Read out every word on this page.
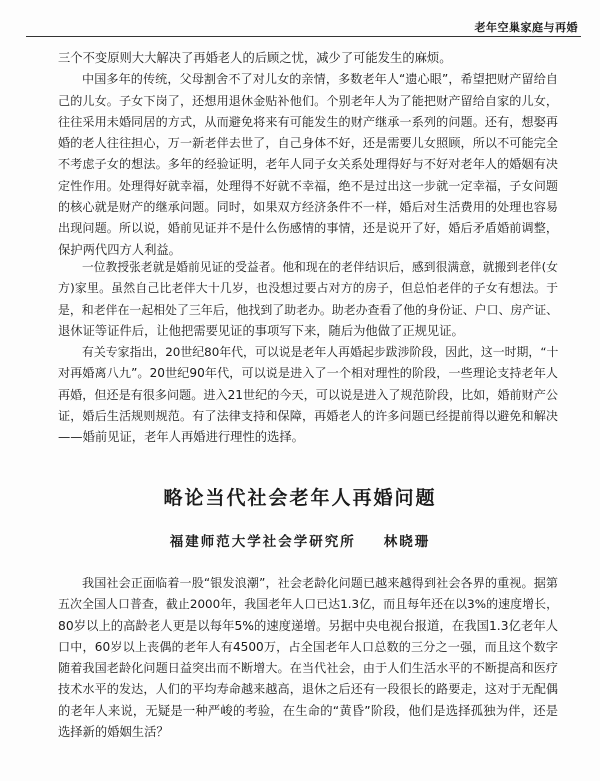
老年空巢家庭与再婚
三个不变原则大大解决了再婚老人的后顾之忧，减少了可能发生的麻烦。
中国多年的传统，父母割舍不了对儿女的亲情，多数老年人“遗心眼”，希望把财产留给自
己的儿女。子女下岗了，还想用退休金贴补他们。个别老年人为了能把财产留给自家的儿女，
往往采用未婚同居的方式，从而避免将来有可能发生的财产继承一系列的问题。还有，想娶再
婚的老人往往担心，万一新老伴去世了，自己身体不好，还是需要儿女照顾，所以不可能完全
不考虑子女的想法。多年的经验证明，老年人同子女关系处理得好与不好对老年人的婚姻有决
定性作用。处理得好就幸福，处理得不好就不幸福，绝不是过出这一步就一定幸福，子女问题
的核心就是财产的继承问题。同时，如果双方经济条件不一样，婚后对生活费用的处理也容易
出现问题。所以说，婚前见证并不是什么伤感情的事情，还是说开了好，婚后矛盾婚前调整，
保护两代四方人利益。
一位教授张老就是婚前见证的受益者。他和现在的老伴结识后，感到很满意，就搬到老伴(女
方)家里。虽然自己比老伴大十几岁，也没想过要占对方的房子，但总怕老伴的子女有想法。于
是，和老伴在一起相处了三年后，他找到了助老办。助老办查看了他的身份证、户口、房产证、
退休证等证件后，让他把需要见证的事项写下来，随后为他做了正规见证。
有关专家指出，20世纪80年代，可以说是老年人再婚起步跋涉阶段，因此，这一时期，“十
对再婚离八九”。20世纪90年代，可以说是进入了一个相对理性的阶段，一些理论支持老年人
再婚，但还是有很多问题。进入21世纪的今天，可以说是进入了规范阶段，比如，婚前财产公
证，婚后生活规则规范。有了法律支持和保障，再婚老人的许多问题已经提前得以避免和解决
——婚前见证，老年人再婚进行理性的选择。
略论当代社会老年人再婚问题
福建师范大学社会学研究所 林晓珊
我国社会正面临着一股“银发浪潮”，社会老龄化问题已越来越得到社会各界的重视。据第
五次全国人口普查，截止2000年，我国老年人口已达1.3亿，而且每年还在以3%的速度增长，
80岁以上的高龄老人更是以每年5%的速度递增。另据中央电视台报道，在我国1.3亿老年人
口中，60岁以上丧偶的老年人有4500万，占全国老年人口总数的三分之一强，而且这个数字
随着我国老龄化问题日益突出而不断增大。在当代社会，由于人们生活水平的不断提高和医疗
技术水平的发达，人们的平均寿命越来越高，退休之后还有一段很长的路要走，这对于无配偶
的老年人来说，无疑是一种严峻的考验，在生命的“黄昏”阶段，他们是选择孤独为伴，还是
选择新的婚姻生活？
